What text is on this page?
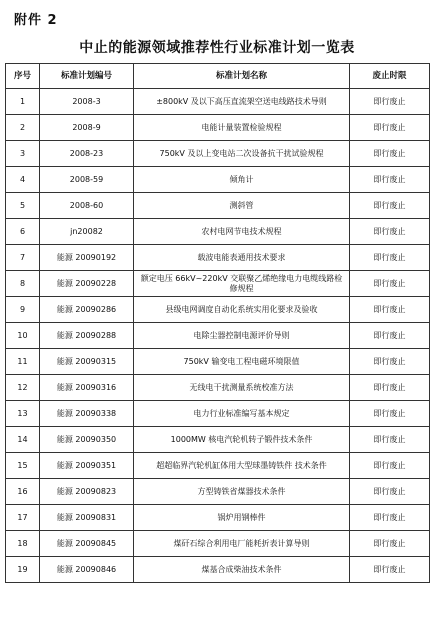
附件 2
中止的能源领域推荐性行业标准计划一览表
序号	标准计划编号	标准计划名称	废止时限
1	2008-3	±800kV 及以下高压直流架空送电线路技术导则	即行废止
2	2008-9	电能计量装置检验规程	即行废止
3	2008-23	750kV 及以上变电站二次设备抗干扰试验规程	即行废止
4	2008-59	倾角计	即行废止
5	2008-60	测斜管	即行废止
6	jn20082	农村电网节电技术规程	即行废止
7	能源 20090192	载波电能表通用技术要求	即行废止
8	能源 20090228	额定电压 66kV~220kV 交联聚乙烯绝缘电力电缆线路检修规程	即行废止
9	能源 20090286	县级电网调度自动化系统实用化要求及验收	即行废止
10	能源 20090288	电除尘器控制电源评价导则	即行废止
11	能源 20090315	750kV 输变电工程电磁环境限值	即行废止
12	能源 20090316	无线电干扰测量系统校准方法	即行废止
13	能源 20090338	电力行业标准编写基本规定	即行废止
14	能源 20090350	1000MW 核电汽轮机转子锻件技术条件	即行废止
15	能源 20090351	超超临界汽轮机缸体用大型球墨铸铁件 技术条件	即行废止
16	能源 20090823	方型铸铁省煤器技术条件	即行废止
17	能源 20090831	锅炉用钢棒件	即行废止
18	能源 20090845	煤矸石综合利用电厂能耗折表计算导则	即行废止
19	能源 20090846	煤基合成柴油技术条件	即行废止
